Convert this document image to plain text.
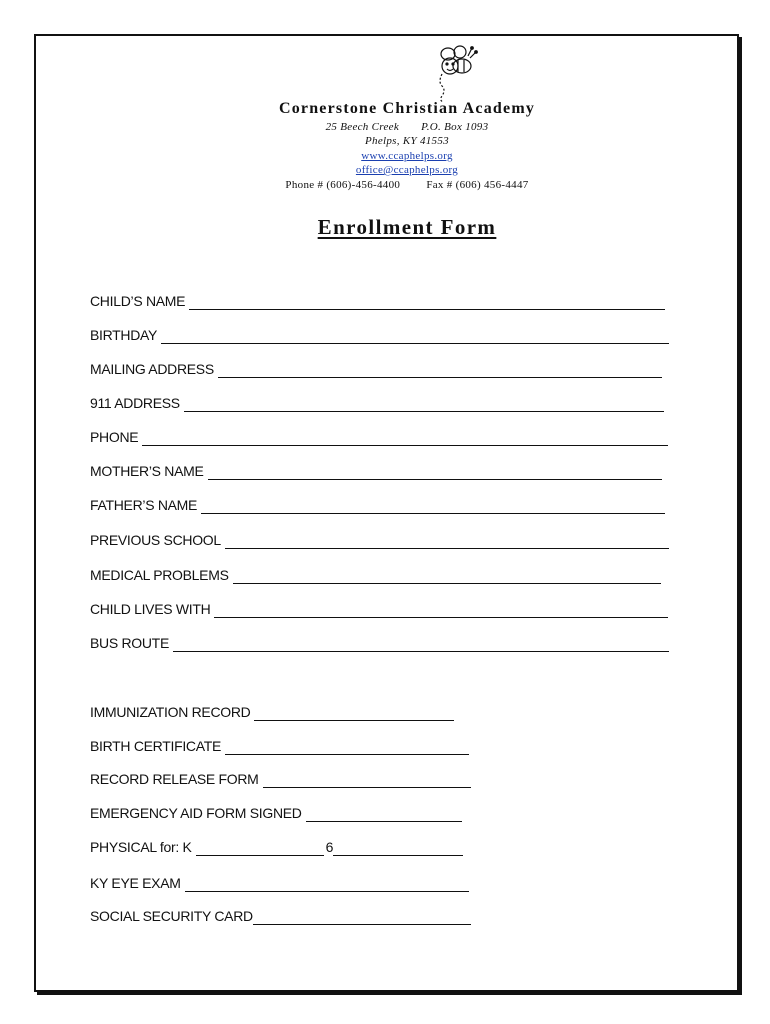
Cornerstone Christian Academy
25 Beech Creek P.O. Box 1093
Phelps, KY 41553
www.ccaphelps.org
office@ccaphelps.org
Phone # (606)-456-4400 Fax # (606) 456-4447
Enrollment Form
CHILD’S NAME
BIRTHDAY
MAILING ADDRESS
911 ADDRESS
PHONE
MOTHER’S NAME
FATHER’S NAME
PREVIOUS SCHOOL
MEDICAL PROBLEMS
CHILD LIVES WITH
BUS ROUTE
IMMUNIZATION RECORD
BIRTH CERTIFICATE
RECORD RELEASE FORM
EMERGENCY AID FORM SIGNED
PHYSICAL for: K	6
KY EYE EXAM
SOCIAL SECURITY CARD
